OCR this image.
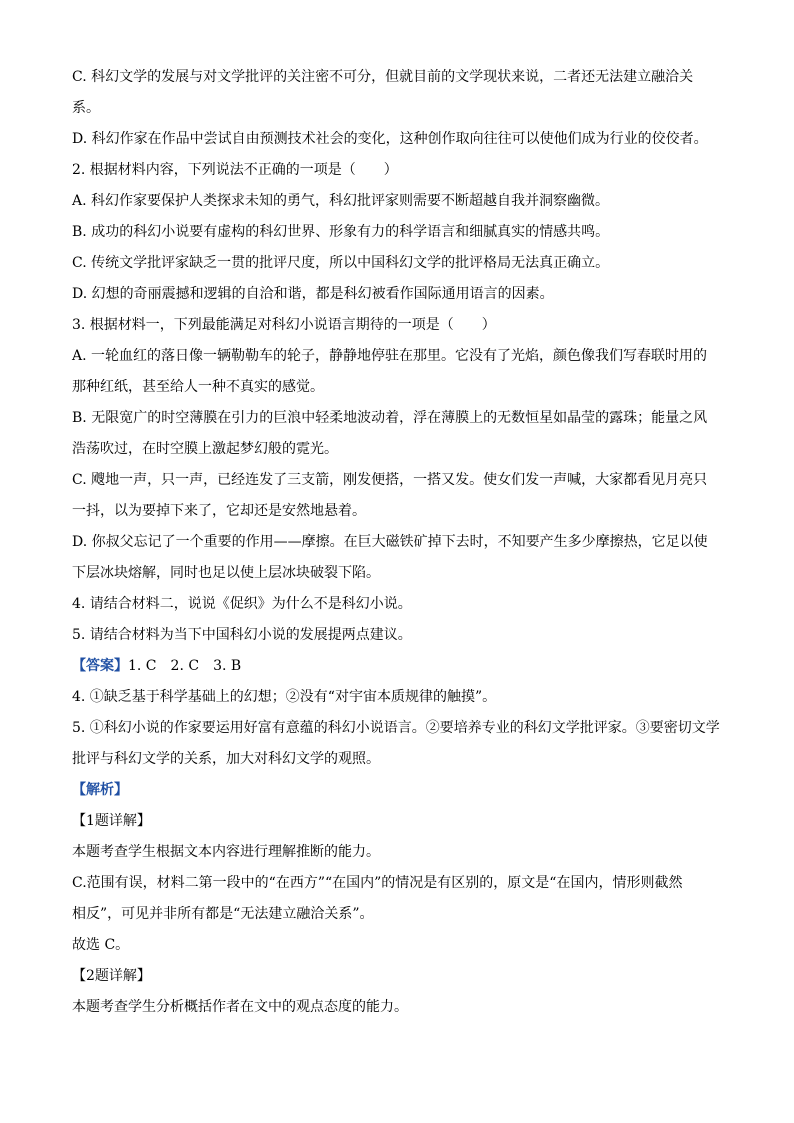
C. 科幻文学的发展与对文学批评的关注密不可分，但就目前的文学现状来说，二者还无法建立融洽关

系。

D. 科幻作家在作品中尝试自由预测技术社会的变化，这种创作取向往往可以使他们成为行业的佼佼者。

2. 根据材料内容，下列说法不正确的一项是（　　）

A. 科幻作家要保护人类探求未知的勇气，科幻批评家则需要不断超越自我并洞察幽微。

B. 成功的科幻小说要有虚构的科幻世界、形象有力的科学语言和细腻真实的情感共鸣。

C. 传统文学批评家缺乏一贯的批评尺度，所以中国科幻文学的批评格局无法真正确立。

D. 幻想的奇丽震撼和逻辑的自洽和谐，都是科幻被看作国际通用语言的因素。

3. 根据材料一，下列最能满足对科幻小说语言期待的一项是（　　）

A. 一轮血红的落日像一辆勒勒车的轮子，静静地停驻在那里。它没有了光焰，颜色像我们写春联时用的

那种红纸，甚至给人一种不真实的感觉。

B. 无限宽广的时空薄膜在引力的巨浪中轻柔地波动着，浮在薄膜上的无数恒星如晶莹的露珠；能量之风

浩荡吹过，在时空膜上激起梦幻般的霓光。

C. 飕地一声，只一声，已经连发了三支箭，刚发便搭，一搭又发。使女们发一声喊，大家都看见月亮只

一抖，以为要掉下来了，它却还是安然地悬着。

D. 你叔父忘记了一个重要的作用——摩擦。在巨大磁铁矿掉下去时，不知要产生多少摩擦热，它足以使

下层冰块熔解，同时也足以使上层冰块破裂下陷。

4. 请结合材料二，说说《促织》为什么不是科幻小说。

5. 请结合材料为当下中国科幻小说的发展提两点建议。

【答案】1. C 2. C 3. B

4. ①缺乏基于科学基础上的幻想；②没有“对宇宙本质规律的触摸”。

5. ①科幻小说的作家要运用好富有意蕴的科幻小说语言。②要培养专业的科幻文学批评家。③要密切文学

批评与科幻文学的关系，加大对科幻文学的观照。

【解析】

【1题详解】

本题考查学生根据文本内容进行理解推断的能力。

C.范围有误，材料二第一段中的“在西方”“在国内”的情况是有区别的，原文是“在国内，情形则截然

相反”，可见并非所有都是“无法建立融洽关系”。

故选 C。

【2题详解】

本题考查学生分析概括作者在文中的观点态度的能力。
